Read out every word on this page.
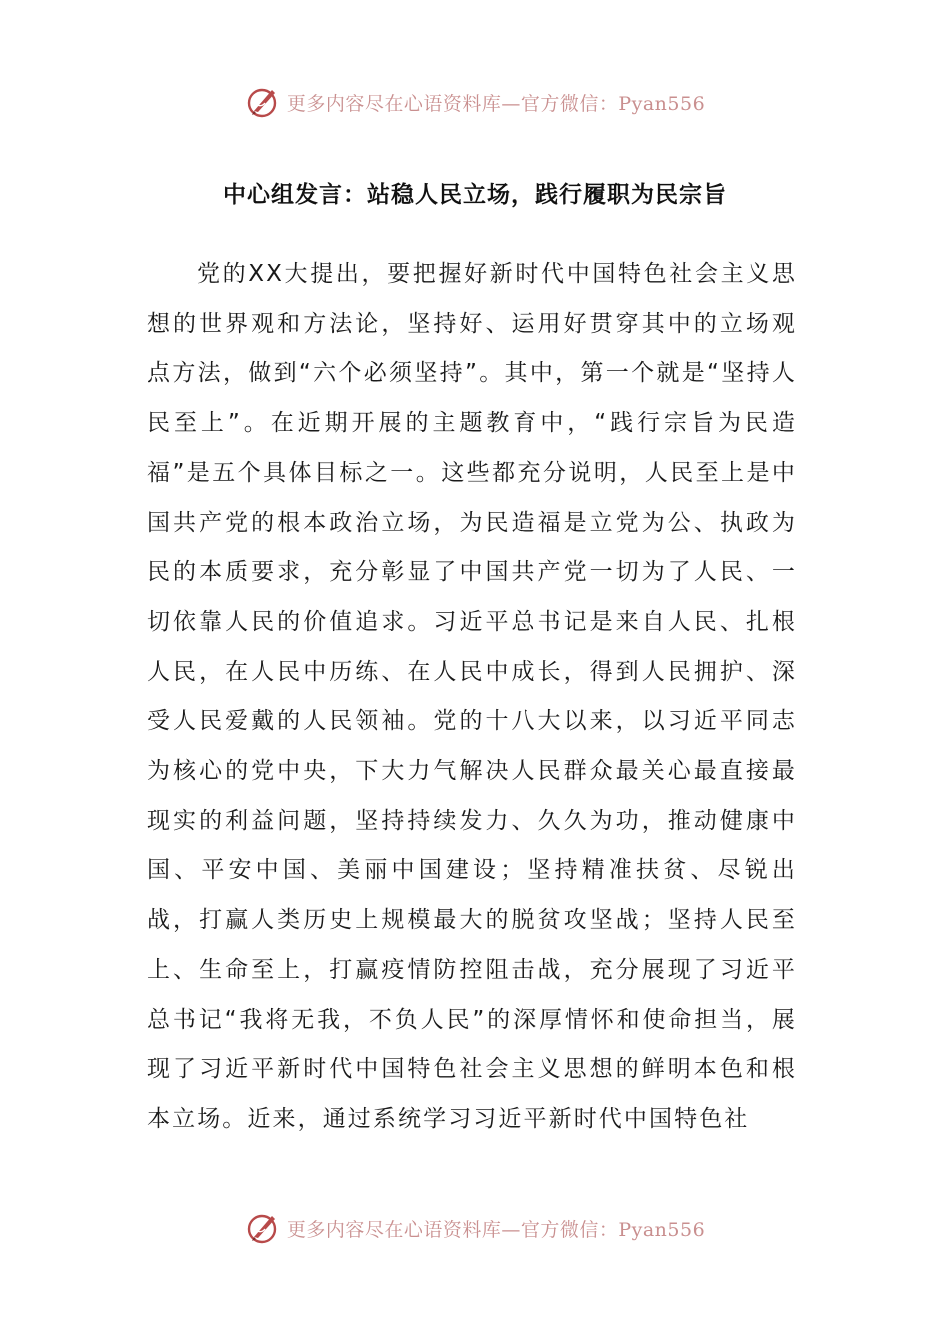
更多内容尽在心语资料库—官方微信：Pyan556
中心组发言：站稳人民立场，践行履职为民宗旨

党的XX大提出，要把握好新时代中国特色社会主义思想的世界观和方法论，坚持好、运用好贯穿其中的立场观点方法，做到“六个必须坚持”。其中，第一个就是“坚持人民至上”。在近期开展的主题教育中，“践行宗旨为民造福”是五个具体目标之一。这些都充分说明，人民至上是中国共产党的根本政治立场，为民造福是立党为公、执政为民的本质要求，充分彰显了中国共产党一切为了人民、一切依靠人民的价值追求。习近平总书记是来自人民、扎根人民，在人民中历练、在人民中成长，得到人民拥护、深受人民爱戴的人民领袖。党的十八大以来，以习近平同志为核心的党中央，下大力气解决人民群众最关心最直接最现实的利益问题，坚持持续发力、久久为功，推动健康中国、平安中国、美丽中国建设；坚持精准扶贫、尽锐出战，打赢人类历史上规模最大的脱贫攻坚战；坚持人民至上、生命至上，打赢疫情防控阻击战，充分展现了习近平总书记“我将无我，不负人民”的深厚情怀和使命担当，展现了习近平新时代中国特色社会主义思想的鲜明本色和根本立场。近来，通过系统学习习近平新时代中国特色社

更多内容尽在心语资料库—官方微信：Pyan556
